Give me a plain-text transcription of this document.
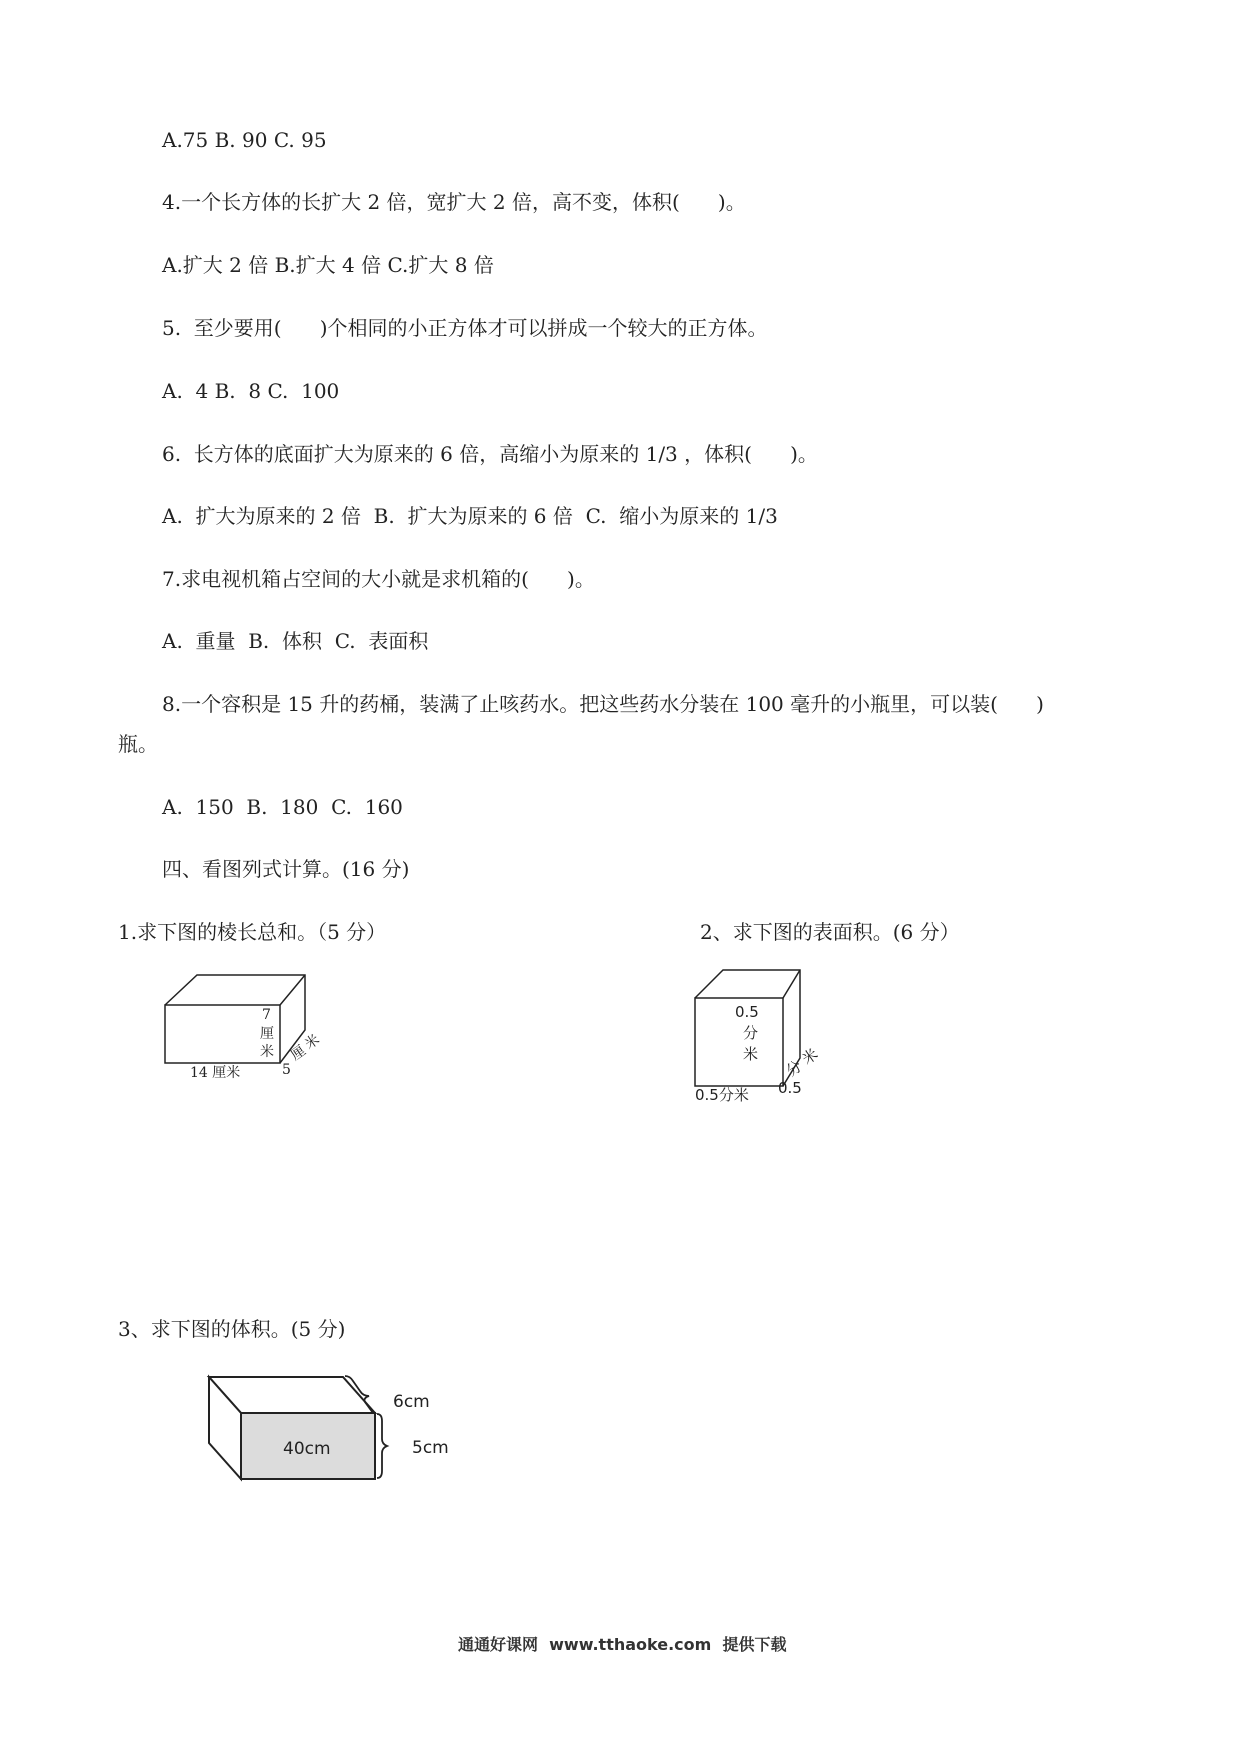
A.75 B. 90 C. 95
4.一个长方体的长扩大 2 倍，宽扩大 2 倍，高不变，体积(      )。
A.扩大 2 倍 B.扩大 4 倍 C.扩大 8 倍
5.  至少要用(      )个相同的小正方体才可以拼成一个较大的正方体。
A.  4 B.  8 C.  100
6.  长方体的底面扩大为原来的 6 倍，高缩小为原来的 1/3 ，体积(      )。
A.  扩大为原来的 2 倍  B.  扩大为原来的 6 倍  C.  缩小为原来的 1/3
7.求电视机箱占空间的大小就是求机箱的(      )。
A.  重量  B.  体积  C.  表面积
8.一个容积是 15 升的药桶，装满了止咳药水。把这些药水分装在 100 毫升的小瓶里，可以装(      )
瓶。
A.  150  B.  180  C.  160
四、看图列式计算。(16 分)
1.求下图的棱长总和。（5 分）	2、求下图的表面积。(6 分）
3、求下图的体积。(5 分)
7
厘
米
14 厘米	5
厘
米
0.5
分
米
0.5分米 0.5
分
米
40cm
6cm
5cm
通通好课网  www.tthaoke.com  提供下载
